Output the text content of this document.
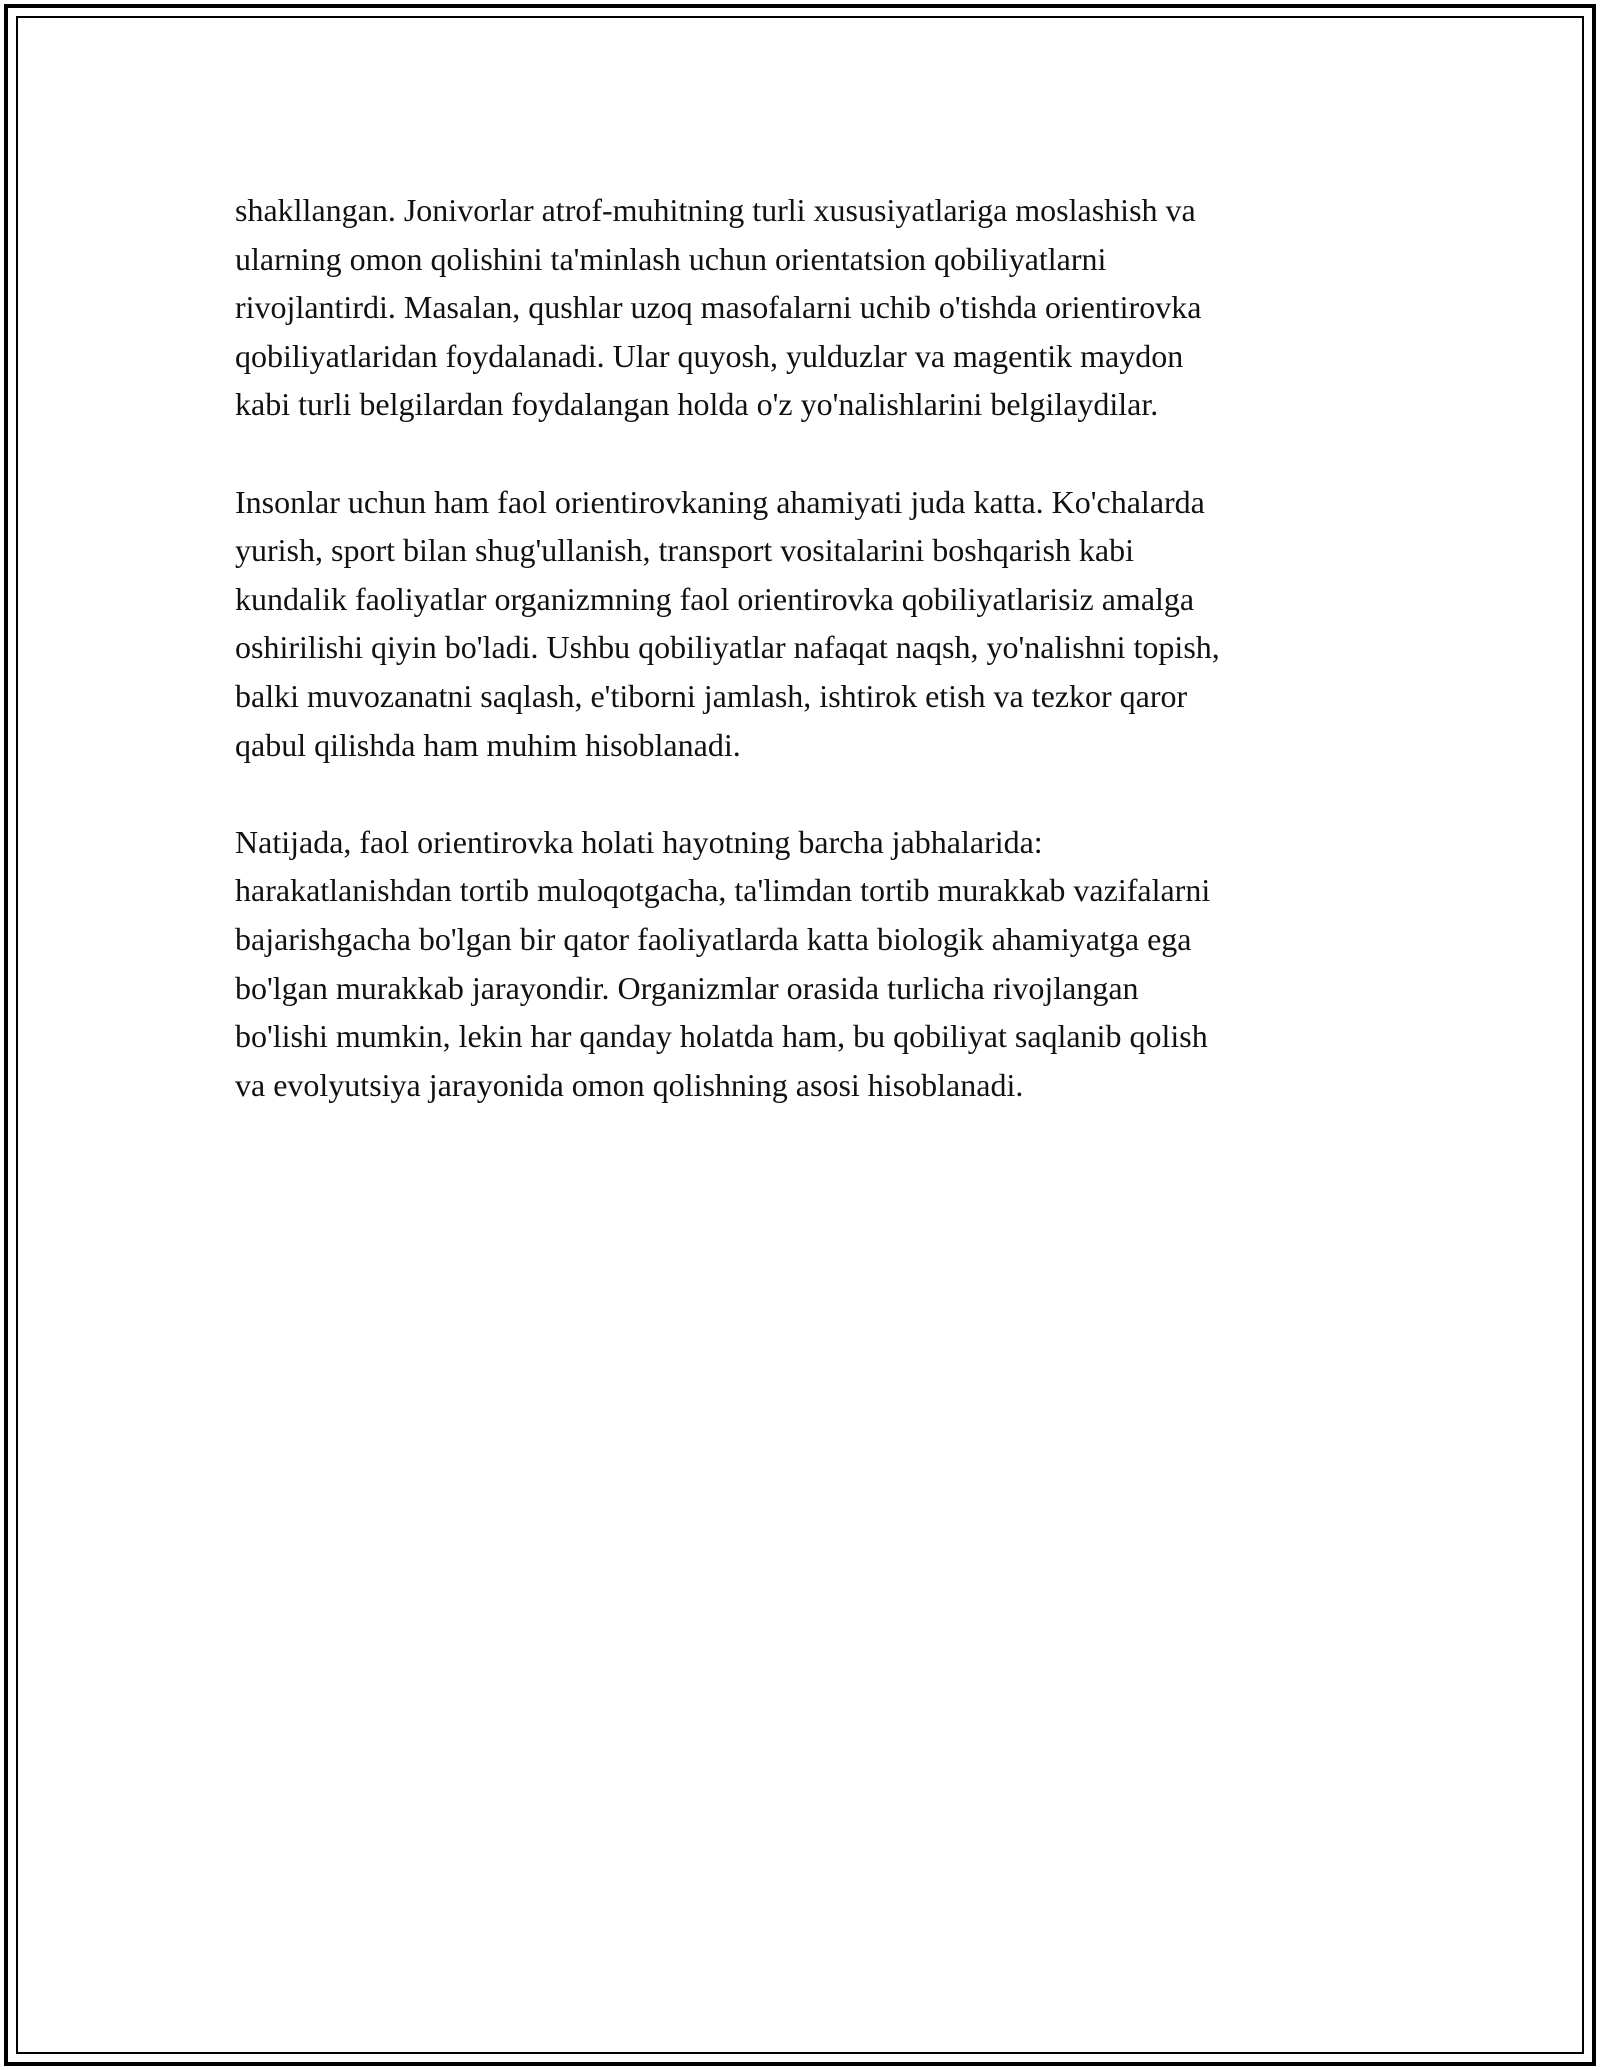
shakllangan. Jonivorlar atrof-muhitning turli xususiyatlariga moslashish va
ularning omon qolishini ta'minlash uchun orientatsion qobiliyatlarni
rivojlantirdi. Masalan, qushlar uzoq masofalarni uchib o'tishda orientirovka
qobiliyatlaridan foydalanadi. Ular quyosh, yulduzlar va magentik maydon
kabi turli belgilardan foydalangan holda o'z yo'nalishlarini belgilaydilar.

Insonlar uchun ham faol orientirovkaning ahamiyati juda katta. Ko'chalarda
yurish, sport bilan shug'ullanish, transport vositalarini boshqarish kabi
kundalik faoliyatlar organizmning faol orientirovka qobiliyatlarisiz amalga
oshirilishi qiyin bo'ladi. Ushbu qobiliyatlar nafaqat naqsh, yo'nalishni topish,
balki muvozanatni saqlash, e'tiborni jamlash, ishtirok etish va tezkor qaror
qabul qilishda ham muhim hisoblanadi.

Natijada, faol orientirovka holati hayotning barcha jabhalarida:
harakatlanishdan tortib muloqotgacha, ta'limdan tortib murakkab vazifalarni
bajarishgacha bo'lgan bir qator faoliyatlarda katta biologik ahamiyatga ega
bo'lgan murakkab jarayondir. Organizmlar orasida turlicha rivojlangan
bo'lishi mumkin, lekin har qanday holatda ham, bu qobiliyat saqlanib qolish
va evolyutsiya jarayonida omon qolishning asosi hisoblanadi.
